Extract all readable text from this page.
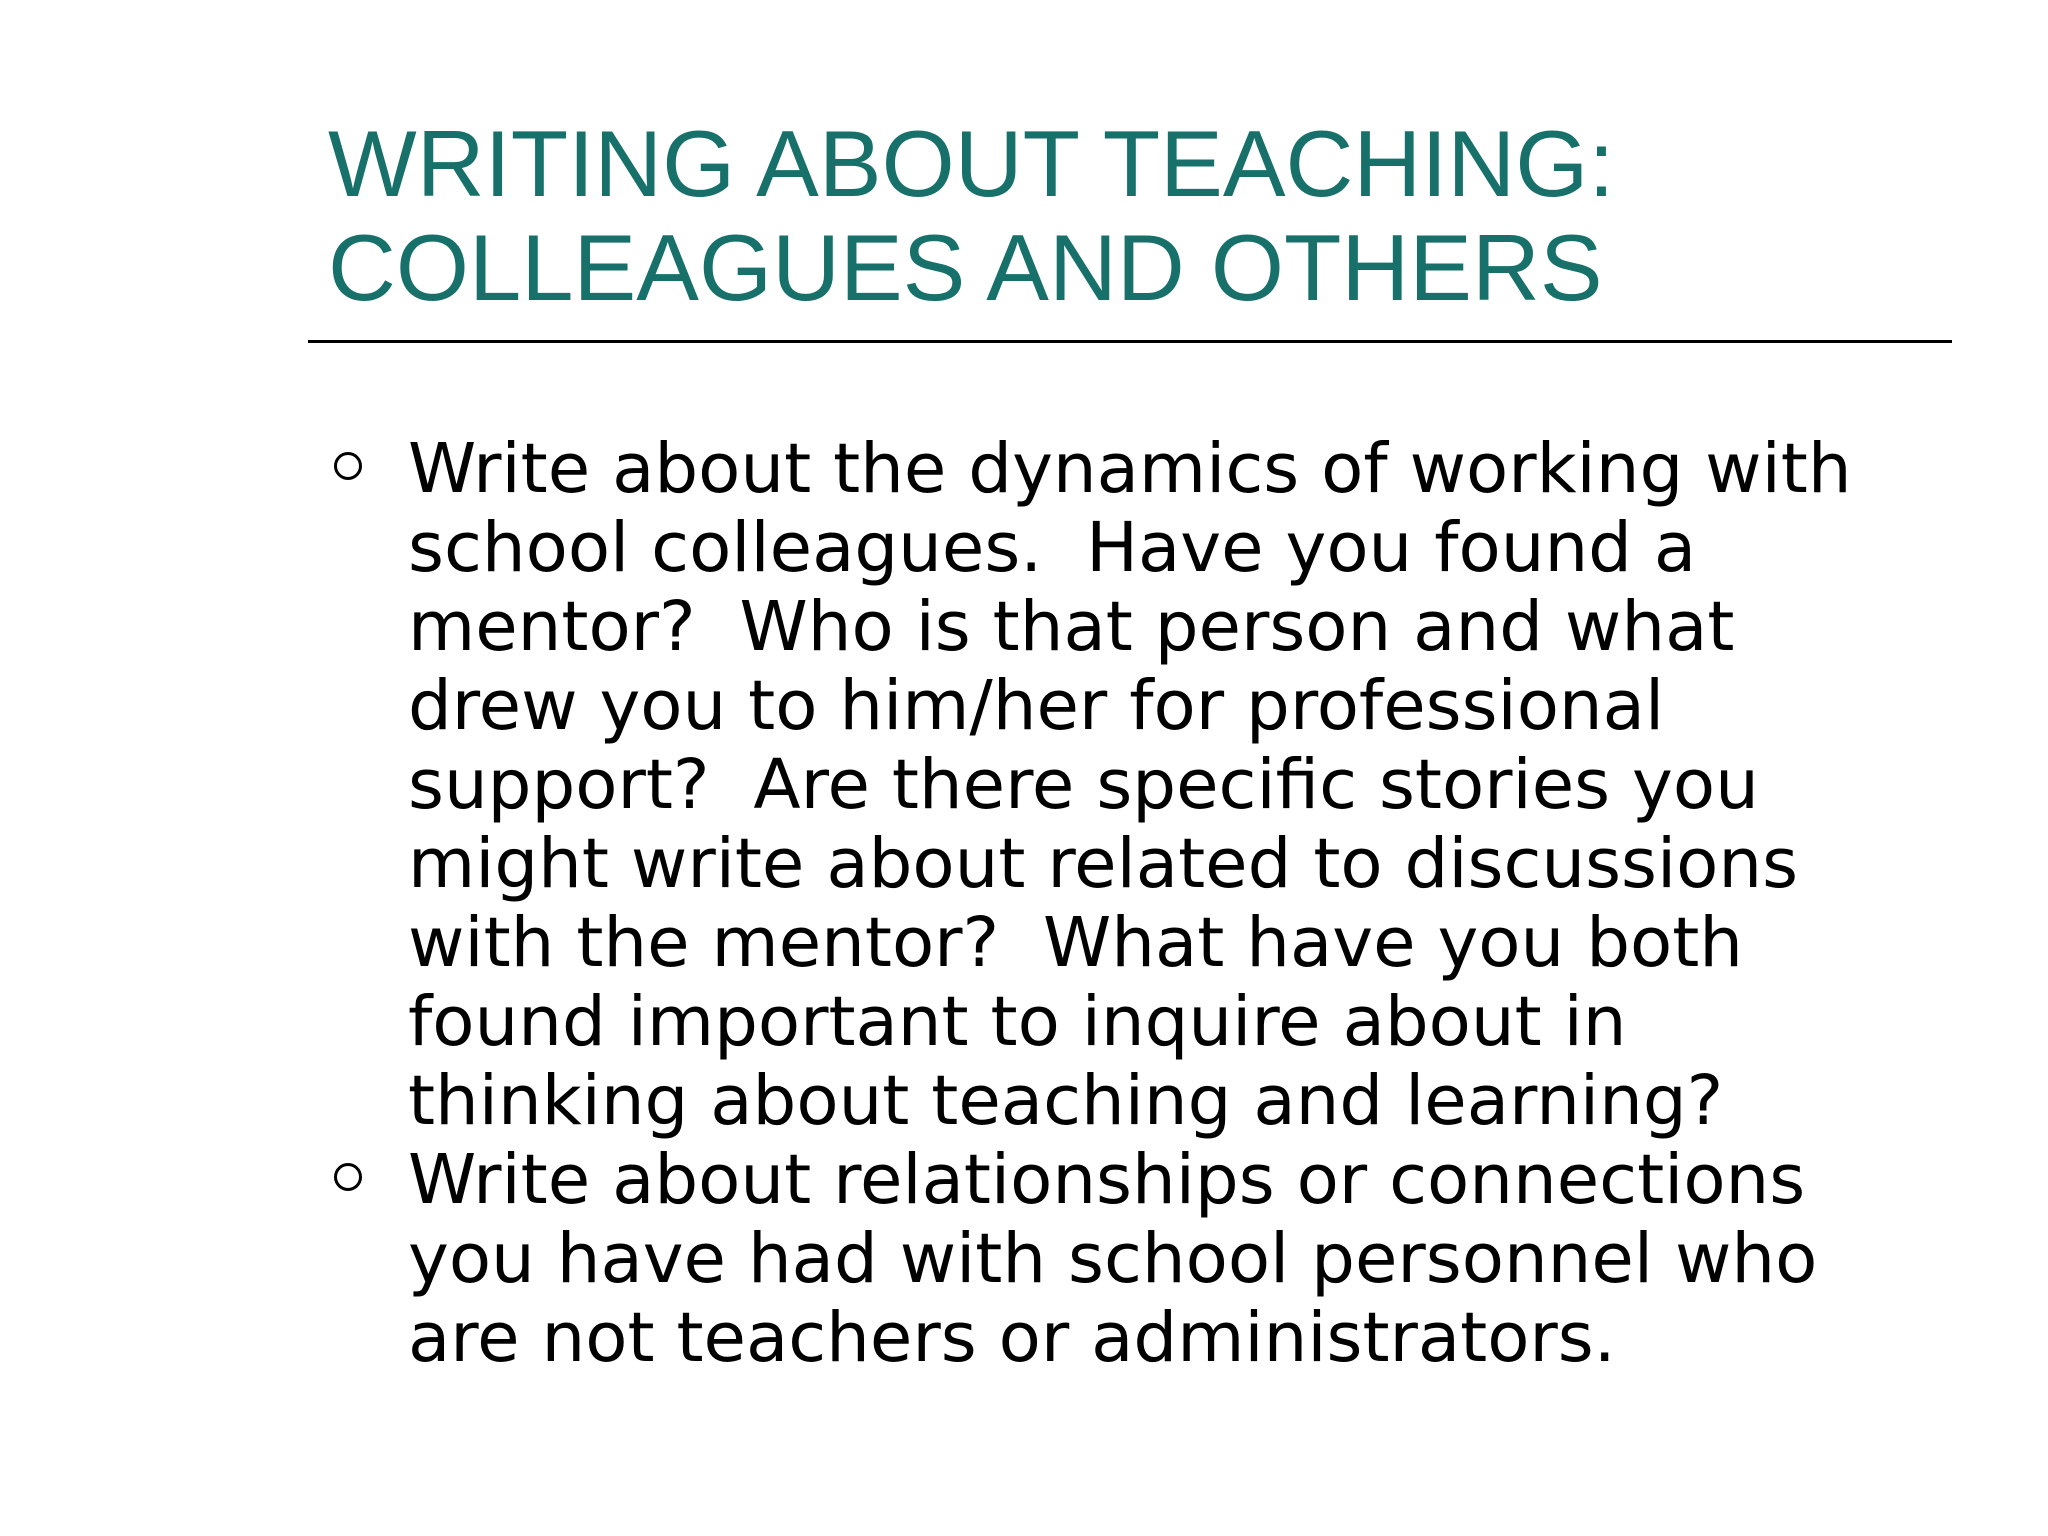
WRITING ABOUT TEACHING:
COLLEAGUES AND OTHERS
Write about the dynamics of working with
school colleagues.  Have you found a
mentor?  Who is that person and what
drew you to him/her for professional
support?  Are there specific stories you
might write about related to discussions
with the mentor?  What have you both
found important to inquire about in
thinking about teaching and learning?
Write about relationships or connections
you have had with school personnel who
are not teachers or administrators.
